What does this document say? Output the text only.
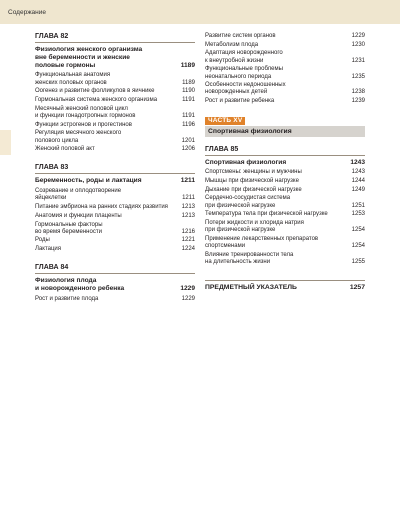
Содержание
ГЛАВА 82
Физиология женского организма
вне беременности и женские
половые гормоны	1189
Функциональная анатомия
женских половых органов	1189
Оогенез и развитие фолликулов в яичнике	1190
Гормональная система женского организма	1191
Месячный женский половой цикл
и функции гонадотропных гормонов	1191
Функции эстрогенов и прогестинов	1196
Регуляция месячного женского
полового цикла	1201
Женский половой акт	1206
ГЛАВА 83
Беременность, роды и лактация	1211
Созревание и оплодотворение
яйцеклетки	1211
Питание эмбриона на ранних стадиях развития	1213
Анатомия и функции плаценты	1213
Гормональные факторы
во время беременности	1216
Роды	1221
Лактация	1224
ГЛАВА 84
Физиология плода
и новорожденного ребенка	1229
Рост и развитие плода	1229
Развитие систем органов	1229
Метаболизм плода	1230
Адаптация новорожденного
к внеутробной жизни	1231
Функциональные проблемы
неонатального периода	1235
Особенности недоношенных
новорожденных детей	1238
Рост и развитие ребенка	1239
ЧАСТЬ XV
Спортивная физиология
ГЛАВА 85
Спортивная физиология	1243
Спортсмены: женщины и мужчины	1243
Мышцы при физической нагрузке	1244
Дыхание при физической нагрузке	1249
Сердечно-сосудистая система
при физической нагрузке	1251
Температура тела при физической нагрузке	1253
Потери жидкости и хлорида натрия
при физической нагрузке	1254
Применение лекарственных препаратов
спортсменами	1254
Влияние тренированности тела
на длительность жизни	1255
ПРЕДМЕТНЫЙ УКАЗАТЕЛЬ	1257
